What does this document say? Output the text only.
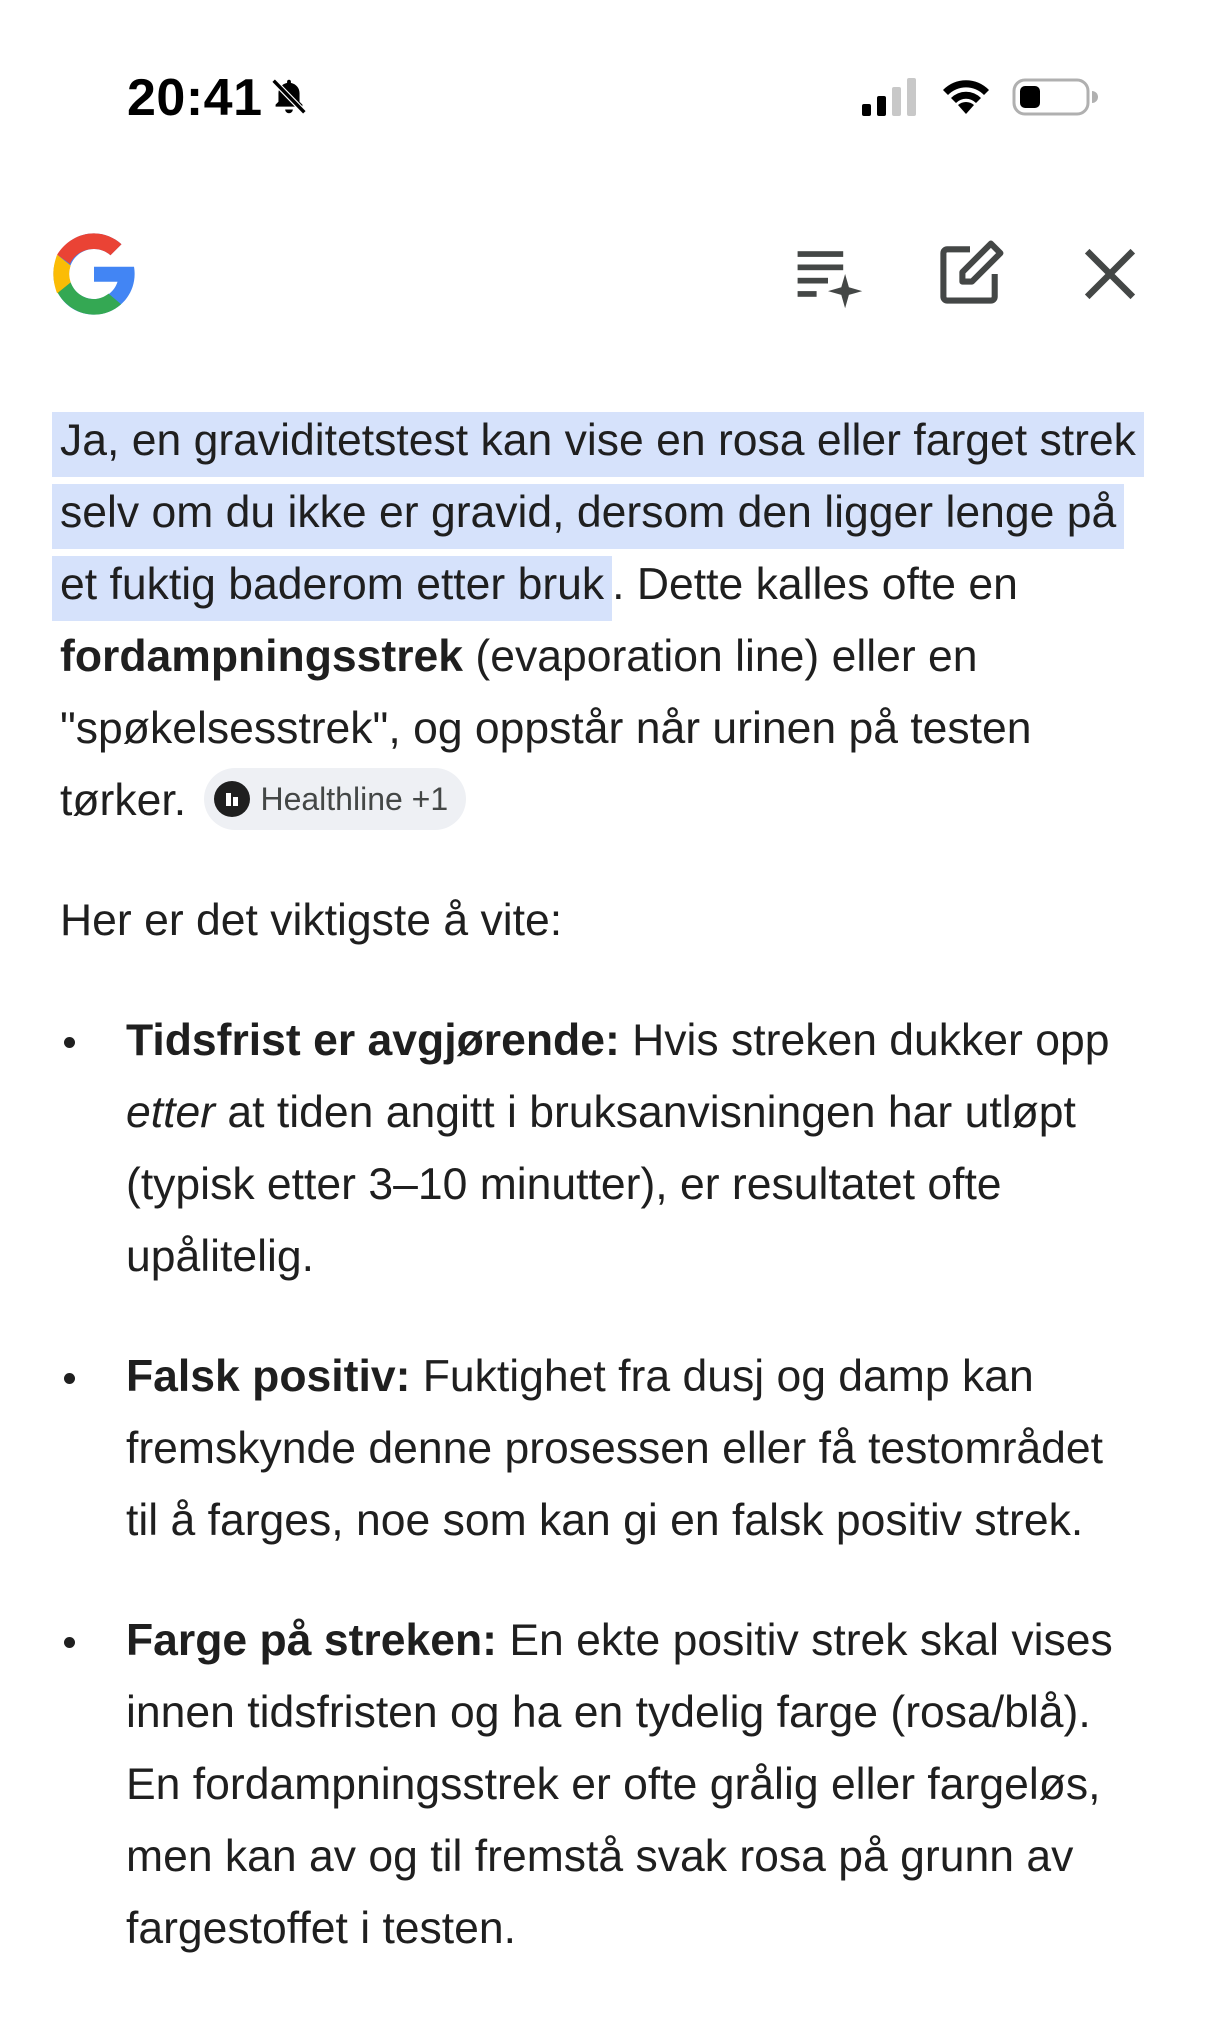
20:41

Ja, en graviditetstest kan vise en rosa eller farget strek selv om du ikke er gravid, dersom den ligger lenge på et fuktig baderom etter bruk . Dette kalles ofte en fordampningsstrek (evaporation line) eller en "spøkelsesstrek", og oppstår når urinen på testen tørker. Healthline +1

Her er det viktigste å vite:

Tidsfrist er avgjørende: Hvis streken dukker opp etter at tiden angitt i bruksanvisningen har utløpt (typisk etter 3–10 minutter), er resultatet ofte upålitelig.
Falsk positiv: Fuktighet fra dusj og damp kan fremskynde denne prosessen eller få testområdet til å farges, noe som kan gi en falsk positiv strek.
Farge på streken: En ekte positiv strek skal vises innen tidsfristen og ha en tydelig farge (rosa/blå). En fordampningsstrek er ofte grålig eller fargeløs, men kan av og til fremstå svak rosa på grunn av fargestoffet i testen.
